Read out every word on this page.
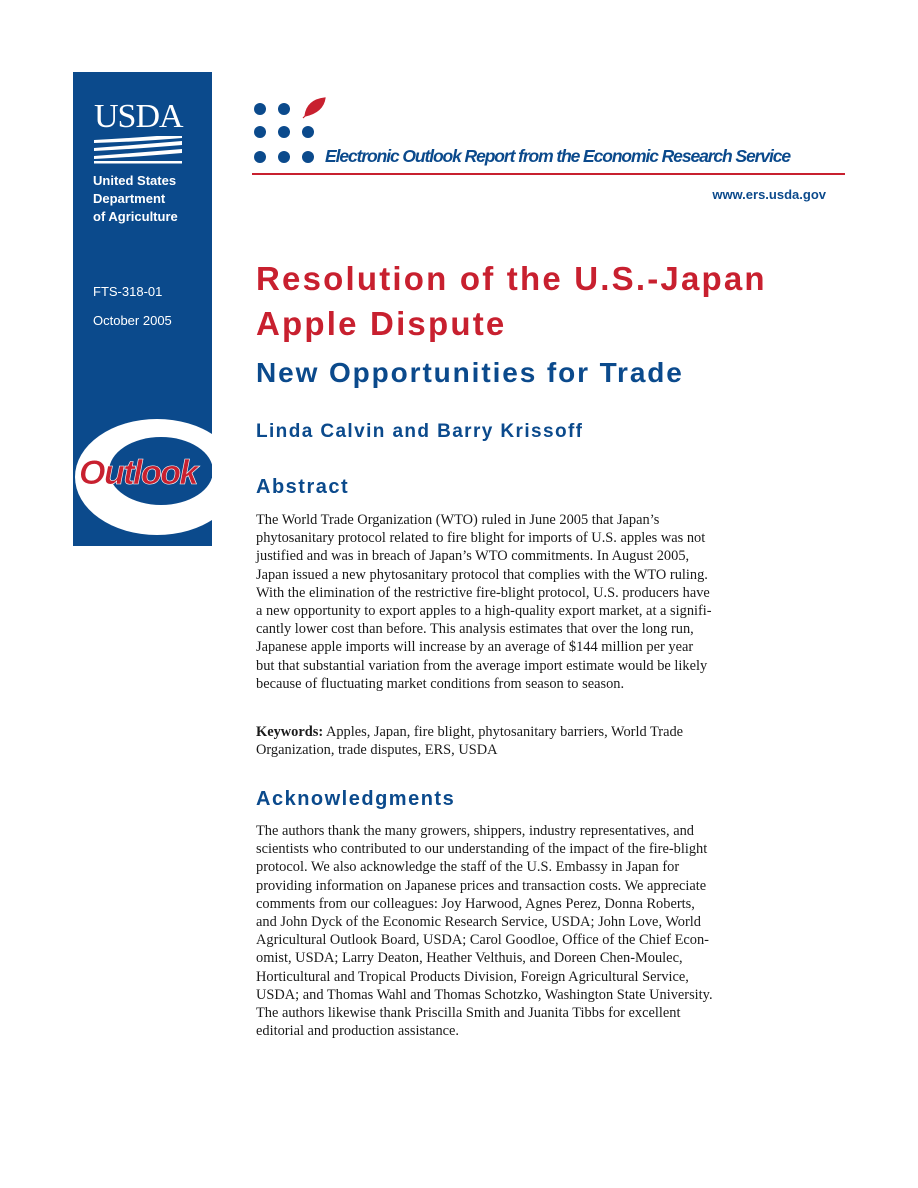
USDA
United States
Department
of Agriculture
FTS-318-01
October 2005
Outlook
Electronic Outlook Report from the Economic Research Service
www.ers.usda.gov
Resolution of the U.S.-Japan
Apple Dispute
New Opportunities for Trade
Linda Calvin and Barry Krissoff
Abstract
The World Trade Organization (WTO) ruled in June 2005 that Japan’s
phytosanitary protocol related to fire blight for imports of U.S. apples was not
justified and was in breach of Japan’s WTO commitments. In August 2005,
Japan issued a new phytosanitary protocol that complies with the WTO ruling.
With the elimination of the restrictive fire-blight protocol, U.S. producers have
a new opportunity to export apples to a high-quality export market, at a signifi-
cantly lower cost than before. This analysis estimates that over the long run,
Japanese apple imports will increase by an average of $144 million per year
but that substantial variation from the average import estimate would be likely
because of fluctuating market conditions from season to season.
Keywords: Apples, Japan, fire blight, phytosanitary barriers, World Trade
Organization, trade disputes, ERS, USDA
Acknowledgments
The authors thank the many growers, shippers, industry representatives, and
scientists who contributed to our understanding of the impact of the fire-blight
protocol. We also acknowledge the staff of the U.S. Embassy in Japan for
providing information on Japanese prices and transaction costs. We appreciate
comments from our colleagues: Joy Harwood, Agnes Perez, Donna Roberts,
and John Dyck of the Economic Research Service, USDA; John Love, World
Agricultural Outlook Board, USDA; Carol Goodloe, Office of the Chief Econ-
omist, USDA; Larry Deaton, Heather Velthuis, and Doreen Chen-Moulec,
Horticultural and Tropical Products Division, Foreign Agricultural Service,
USDA; and Thomas Wahl and Thomas Schotzko, Washington State University.
The authors likewise thank Priscilla Smith and Juanita Tibbs for excellent
editorial and production assistance.
